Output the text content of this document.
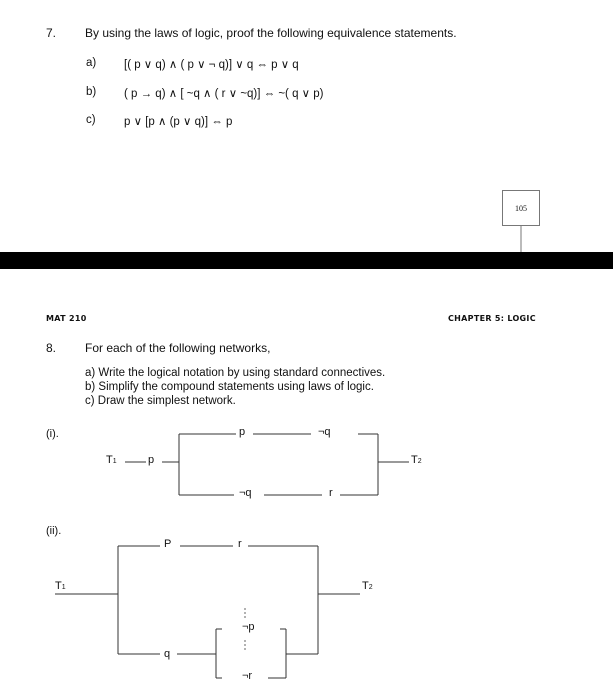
7. By using the laws of logic, proof the following equivalence statements.
a) [( p ∨ q) ∧ ( p ∨ ¬ q)] ∨ q ⇔ p ∨ q
b) ( p → q) ∧ [ ~q ∧ ( r ∨ ~q)] ⇔ ~( q ∨ p)
c) p ∨ [p ∧ (p ∨ q)] ⇔ p
105
MAT 210	CHAPTER 5: LOGIC
8. For each of the following networks,
a) Write the logical notation by using standard connectives.
b) Simplify the compound statements using laws of logic.
c) Draw the simplest network.
(i).
T1	p
p	¬q
¬q	r
T2
(ii).
T1
P	r
q
¬p
¬r
T2
